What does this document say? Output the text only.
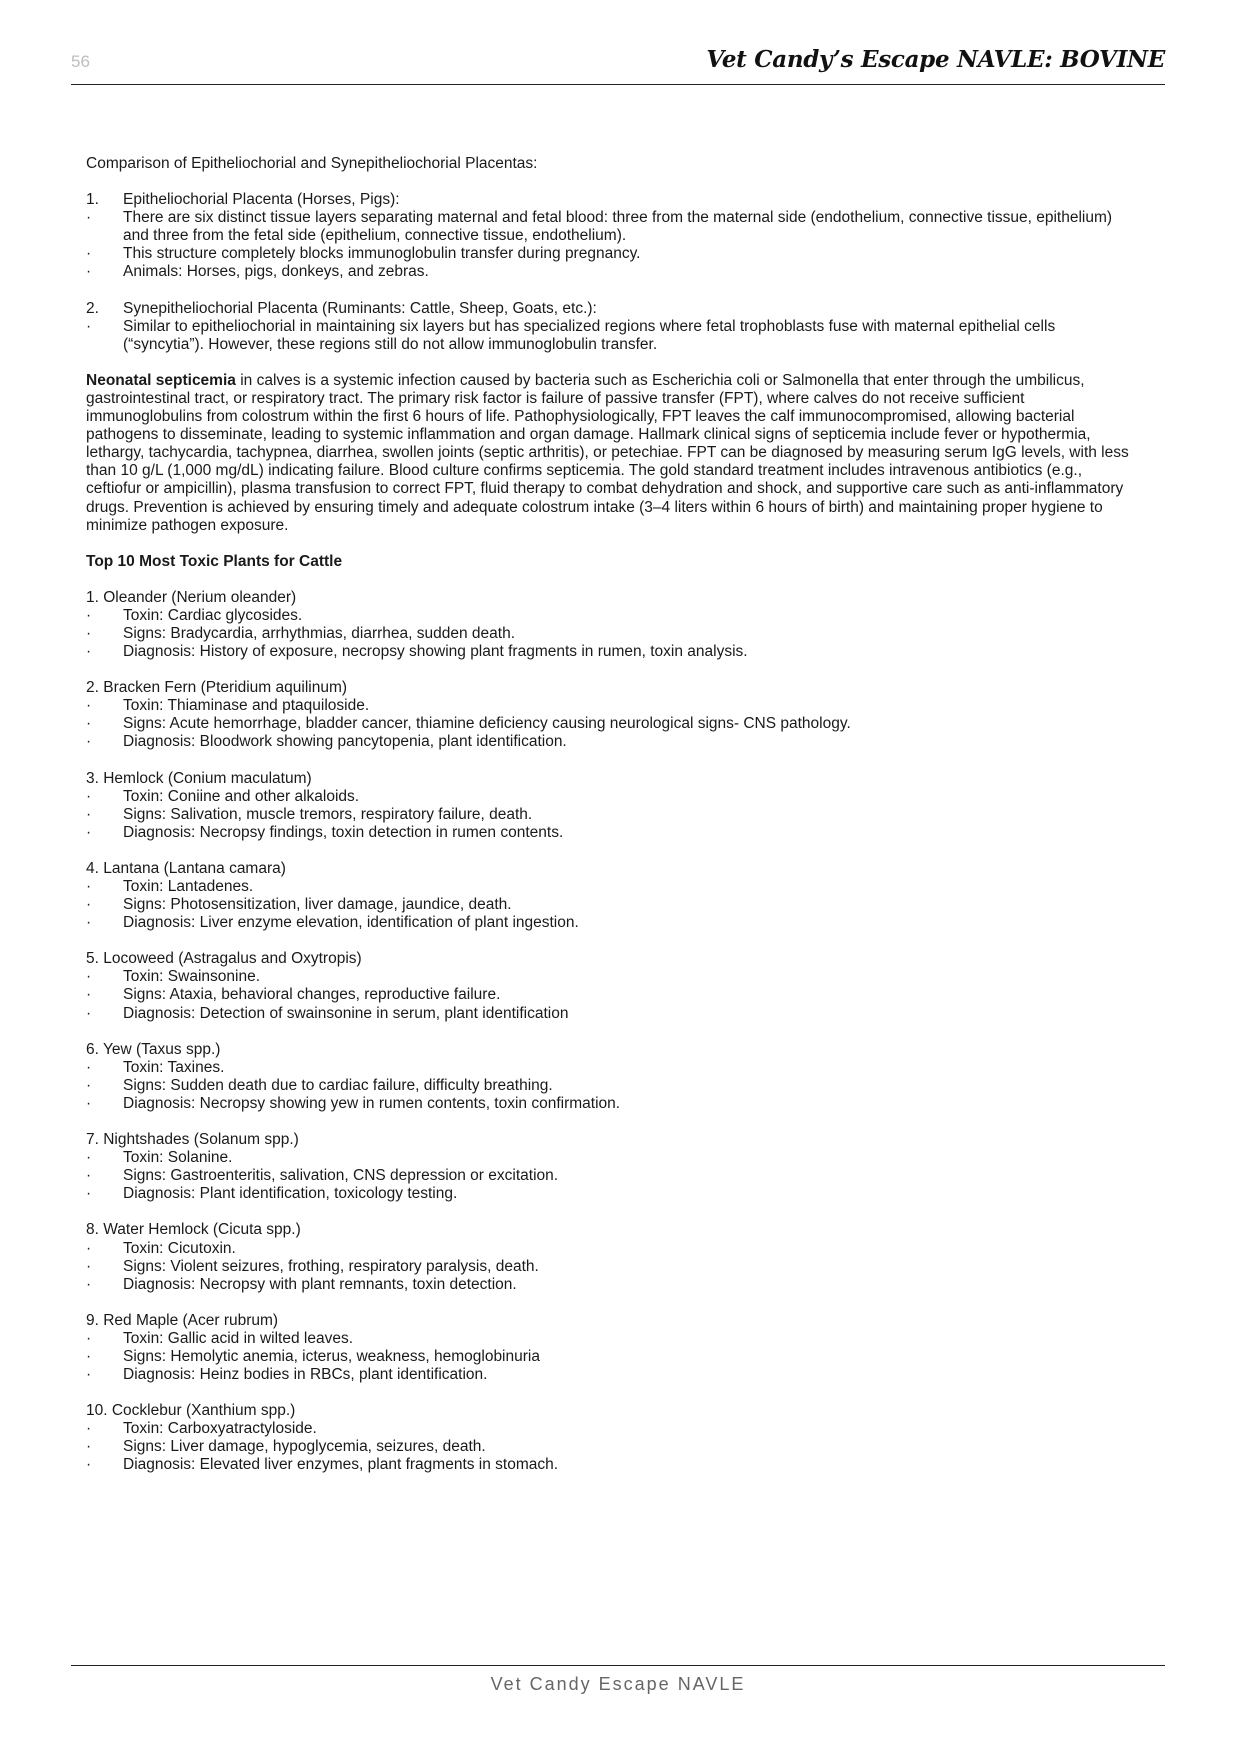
56	Vet Candy’s Escape NAVLE: BOVINE

Comparison of Epitheliochorial and Synepitheliochorial Placentas:

1. Epitheliochorial Placenta (Horses, Pigs):
· There are six distinct tissue layers separating maternal and fetal blood: three from the maternal side (endothelium, connective tissue, epithelium) and three from the fetal side (epithelium, connective tissue, endothelium).
· This structure completely blocks immunoglobulin transfer during pregnancy.
· Animals: Horses, pigs, donkeys, and zebras.
2. Synepitheliochorial Placenta (Ruminants: Cattle, Sheep, Goats, etc.):
· Similar to epitheliochorial in maintaining six layers but has specialized regions where fetal trophoblasts fuse with maternal epithelial cells (“syncytia”). However, these regions still do not allow immunoglobulin transfer.

Neonatal septicemia in calves is a systemic infection caused by bacteria such as Escherichia coli or Salmonella that enter through the umbilicus, gastrointestinal tract, or respiratory tract. The primary risk factor is failure of passive transfer (FPT), where calves do not receive sufficient immunoglobulins from colostrum within the first 6 hours of life. Pathophysiologically, FPT leaves the calf immunocompromised, allowing bacterial pathogens to disseminate, leading to systemic inflammation and organ damage. Hallmark clinical signs of septicemia include fever or hypothermia, lethargy, tachycardia, tachypnea, diarrhea, swollen joints (septic arthritis), or petechiae. FPT can be diagnosed by measuring serum IgG levels, with less than 10 g/L (1,000 mg/dL) indicating failure. Blood culture confirms septicemia. The gold standard treatment includes intravenous antibiotics (e.g., ceftiofur or ampicillin), plasma transfusion to correct FPT, fluid therapy to combat dehydration and shock, and supportive care such as anti-inflammatory drugs. Prevention is achieved by ensuring timely and adequate colostrum intake (3–4 liters within 6 hours of birth) and maintaining proper hygiene to minimize pathogen exposure.

Top 10 Most Toxic Plants for Cattle

1. Oleander (Nerium oleander)

· Toxin: Cardiac glycosides.
· Signs: Bradycardia, arrhythmias, diarrhea, sudden death.
· Diagnosis: History of exposure, necropsy showing plant fragments in rumen, toxin analysis.

2. Bracken Fern (Pteridium aquilinum)

· Toxin: Thiaminase and ptaquiloside.
· Signs: Acute hemorrhage, bladder cancer, thiamine deficiency causing neurological signs- CNS pathology.
· Diagnosis: Bloodwork showing pancytopenia, plant identification.

3. Hemlock (Conium maculatum)

· Toxin: Coniine and other alkaloids.
· Signs: Salivation, muscle tremors, respiratory failure, death.
· Diagnosis: Necropsy findings, toxin detection in rumen contents.

4. Lantana (Lantana camara)

· Toxin: Lantadenes.
· Signs: Photosensitization, liver damage, jaundice, death.
· Diagnosis: Liver enzyme elevation, identification of plant ingestion.

5. Locoweed (Astragalus and Oxytropis)

· Toxin: Swainsonine.
· Signs: Ataxia, behavioral changes, reproductive failure.
· Diagnosis: Detection of swainsonine in serum, plant identification

6. Yew (Taxus spp.)

· Toxin: Taxines.
· Signs: Sudden death due to cardiac failure, difficulty breathing.
· Diagnosis: Necropsy showing yew in rumen contents, toxin confirmation.

7. Nightshades (Solanum spp.)

· Toxin: Solanine.
· Signs: Gastroenteritis, salivation, CNS depression or excitation.
· Diagnosis: Plant identification, toxicology testing.

8. Water Hemlock (Cicuta spp.)

· Toxin: Cicutoxin.
· Signs: Violent seizures, frothing, respiratory paralysis, death.
· Diagnosis: Necropsy with plant remnants, toxin detection.

9. Red Maple (Acer rubrum)

· Toxin: Gallic acid in wilted leaves.
· Signs: Hemolytic anemia, icterus, weakness, hemoglobinuria
· Diagnosis: Heinz bodies in RBCs, plant identification.

10. Cocklebur (Xanthium spp.)

· Toxin: Carboxyatractyloside.
· Signs: Liver damage, hypoglycemia, seizures, death.
· Diagnosis: Elevated liver enzymes, plant fragments in stomach.
Vet Candy Escape NAVLE
